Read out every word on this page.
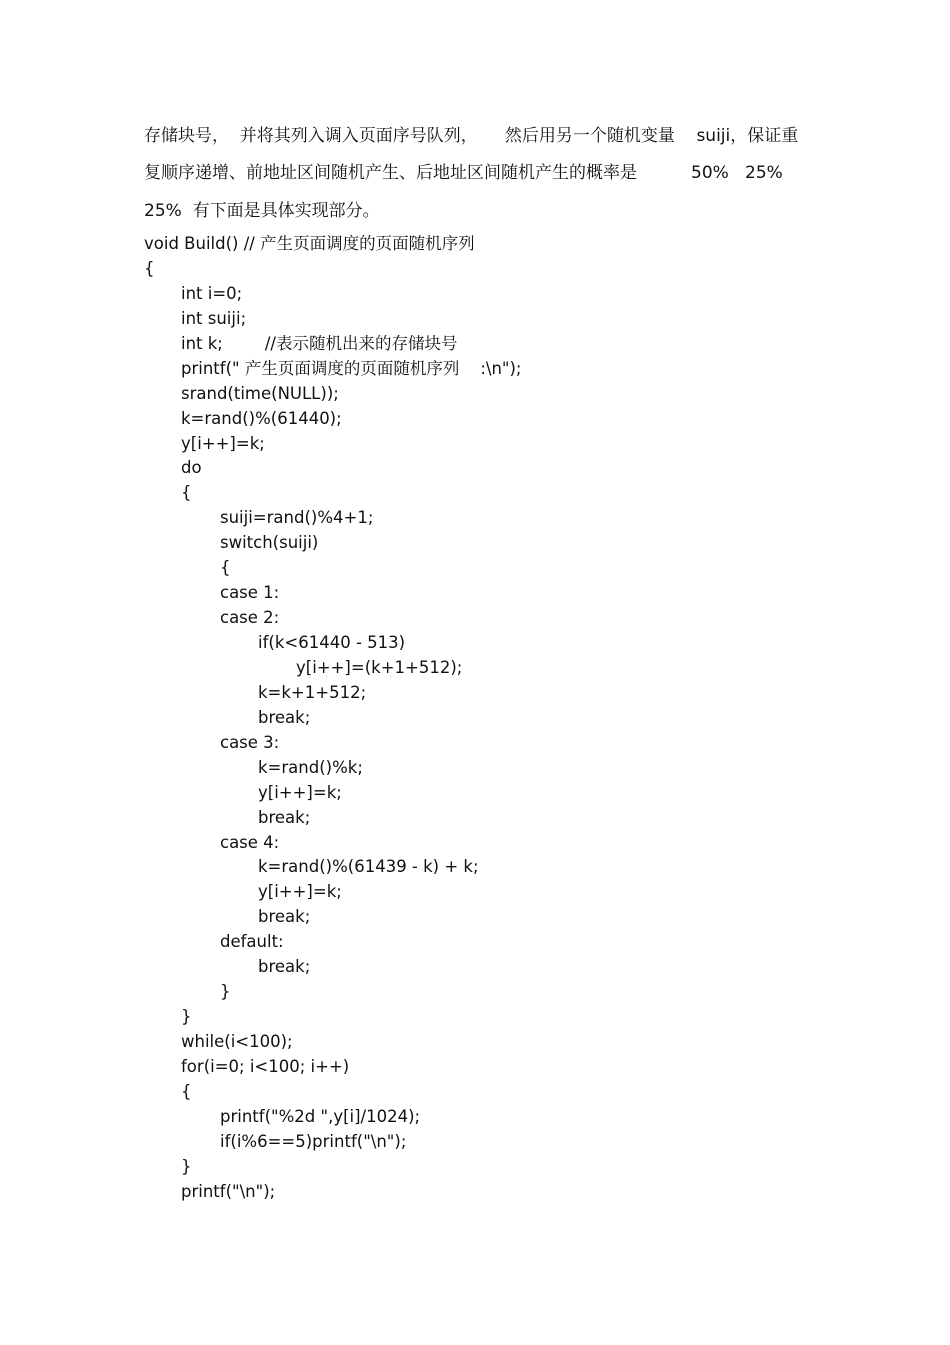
存储块号，  并将其列入调入页面序号队列，     然后用另一个随机变量    suiji，保证重

复顺序递增、前地址区间随机产生、后地址区间随机产生的概率是          50%   25%

25%  有下面是具体实现部分。

void Build() // 产生页面调度的页面随机序列
{
int i=0;
int suiji;
int k;        //表示随机出来的存储块号
printf(" 产生页面调度的页面随机序列    :\n");
srand(time(NULL));
k=rand()%(61440);
y[i++]=k;
do
{
suiji=rand()%4+1;
switch(suiji)
{
case 1:
case 2:
if(k<61440 - 513)
y[i++]=(k+1+512);
k=k+1+512;
break;
case 3:
k=rand()%k;
y[i++]=k;
break;
case 4:
k=rand()%(61439 - k) + k;
y[i++]=k;
break;
default:
break;
}
}
while(i<100);
for(i=0; i<100; i++)
{
printf("%2d ",y[i]/1024);
if(i%6==5)printf("\n");
}
printf("\n");
